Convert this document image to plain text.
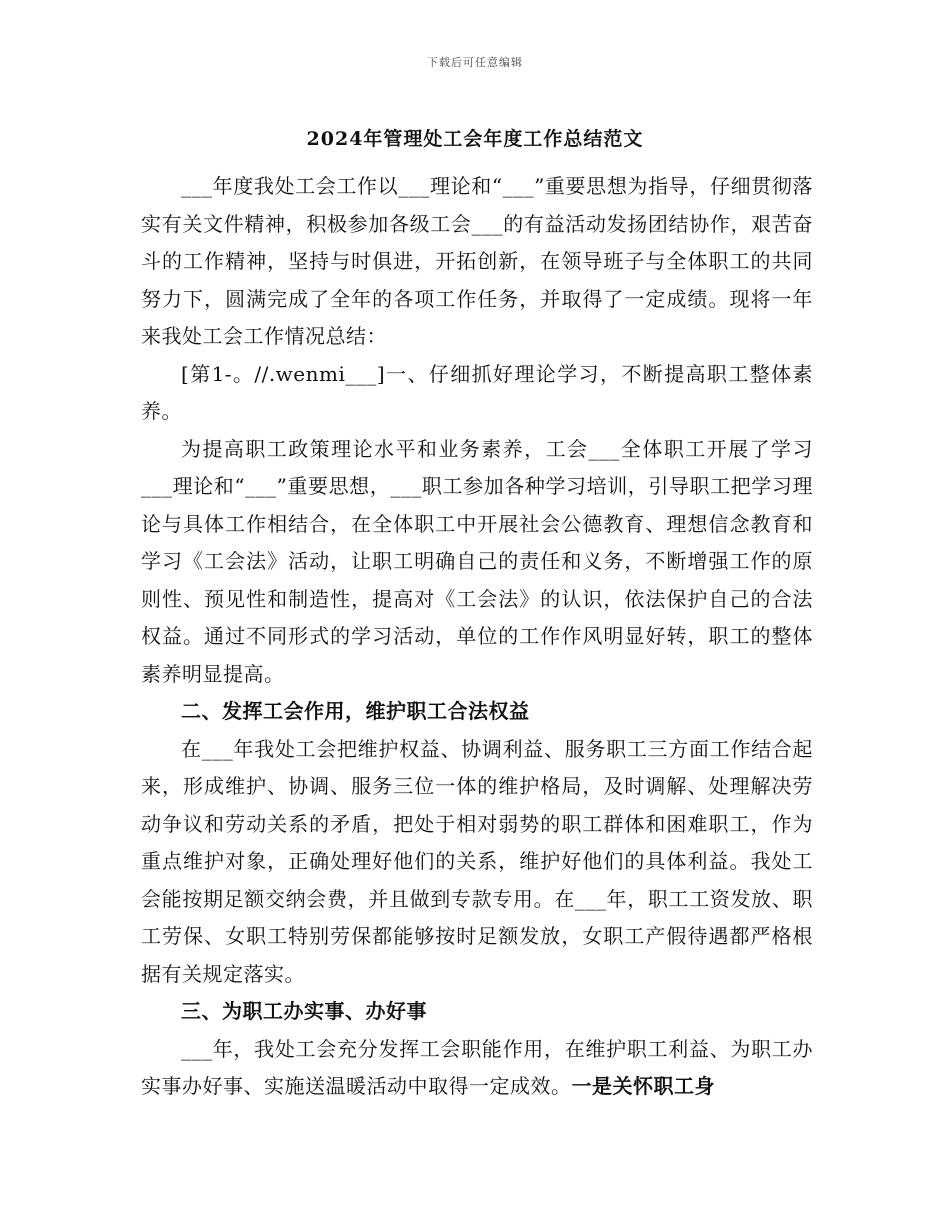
下载后可任意编辑
2024年管理处工会年度工作总结范文

___年度我处工会工作以___理论和“___”重要思想为指导，仔细贯彻落实有关文件精神，积极参加各级工会___的有益活动发扬团结协作，艰苦奋斗的工作精神，坚持与时俱进，开拓创新，在领导班子与全体职工的共同努力下，圆满完成了全年的各项工作任务，并取得了一定成绩。现将一年来我处工会工作情况总结：

[第1-。//.wenmi___]一、仔细抓好理论学习，不断提高职工整体素养。

为提高职工政策理论水平和业务素养，工会___全体职工开展了学习___理论和“___”重要思想，___职工参加各种学习培训，引导职工把学习理论与具体工作相结合，在全体职工中开展社会公德教育、理想信念教育和学习《工会法》活动，让职工明确自己的责任和义务，不断增强工作的原则性、预见性和制造性，提高对《工会法》的认识，依法保护自己的合法权益。通过不同形式的学习活动，单位的工作作风明显好转，职工的整体素养明显提高。

二、发挥工会作用，维护职工合法权益

在___年我处工会把维护权益、协调利益、服务职工三方面工作结合起来，形成维护、协调、服务三位一体的维护格局，及时调解、处理解决劳动争议和劳动关系的矛盾，把处于相对弱势的职工群体和困难职工，作为重点维护对象，正确处理好他们的关系，维护好他们的具体利益。我处工会能按期足额交纳会费，并且做到专款专用。在___年，职工工资发放、职工劳保、女职工特别劳保都能够按时足额发放，女职工产假待遇都严格根据有关规定落实。

三、为职工办实事、办好事

___年，我处工会充分发挥工会职能作用，在维护职工利益、为职工办实事办好事、实施送温暖活动中取得一定成效。一是关怀职工身
